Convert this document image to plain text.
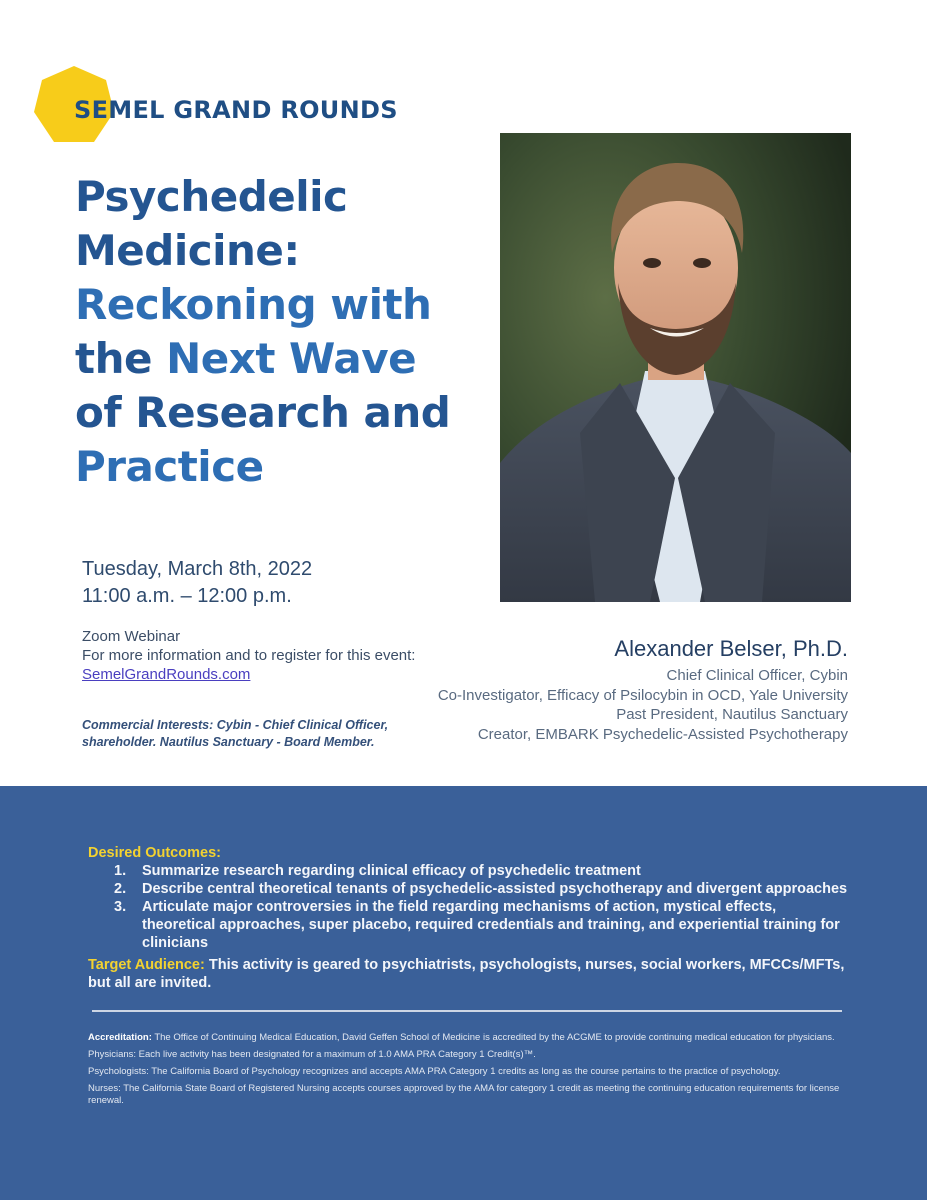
SEMEL GRAND ROUNDS
Psychedelic
Medicine:
Reckoning with
the Next Wave
of Research and
Practice
Tuesday, March 8th, 2022
11:00 a.m. – 12:00 p.m.
Zoom Webinar
For more information and to register for this event:
SemelGrandRounds.com
Commercial Interests: Cybin - Chief Clinical Officer, shareholder. Nautilus Sanctuary - Board Member.
Alexander Belser, Ph.D.
Chief Clinical Officer, Cybin
Co-Investigator, Efficacy of Psilocybin in OCD, Yale University
Past President, Nautilus Sanctuary
Creator, EMBARK Psychedelic-Assisted Psychotherapy
Desired Outcomes:
1. Summarize research regarding clinical efficacy of psychedelic treatment
2. Describe central theoretical tenants of psychedelic-assisted psychotherapy and divergent approaches
3. Articulate major controversies in the field regarding mechanisms of action, mystical effects, theoretical approaches, super placebo, required credentials and training, and experiential training for clinicians
Target Audience: This activity is geared to psychiatrists, psychologists, nurses, social workers, MFCCs/MFTs, but all are invited.

Accreditation: The Office of Continuing Medical Education, David Geffen School of Medicine is accredited by the ACGME to provide continuing medical education for physicians.

Physicians: Each live activity has been designated for a maximum of 1.0 AMA PRA Category 1 Credit(s)™.

Psychologists: The California Board of Psychology recognizes and accepts AMA PRA Category 1 credits as long as the course pertains to the practice of psychology.

Nurses: The California State Board of Registered Nursing accepts courses approved by the AMA for category 1 credit as meeting the continuing education requirements for license renewal.
